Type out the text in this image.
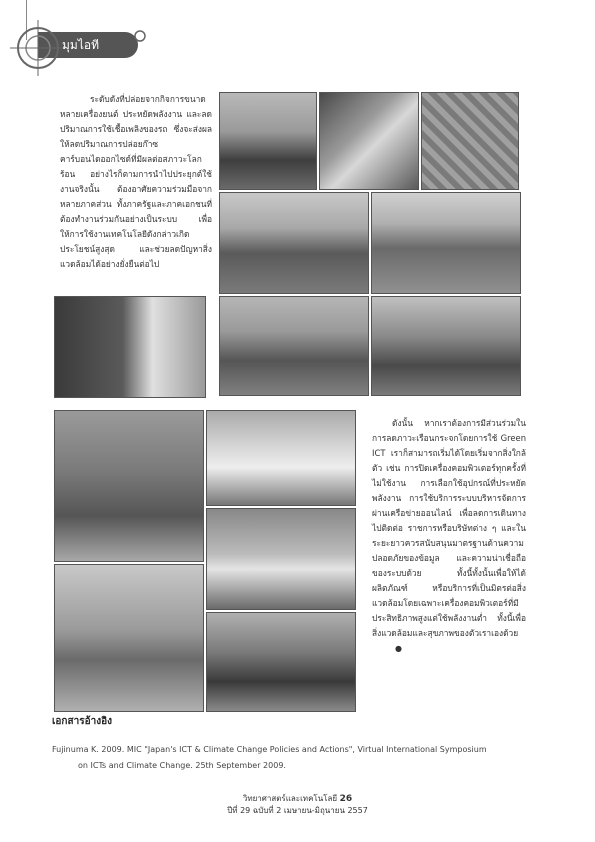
มุมไอที
ระดับดังที่ปล่อยจากกิจการขนาดหลายเครื่องยนต์ ประหยัดพลังงาน และลดปริมาณการใช้เชื้อเพลิงของรถ ซึ่งจะส่งผลให้ลดปริมาณการปล่อยก๊าซคาร์บอนไดออกไซด์ที่มีผลต่อสภาวะโลกร้อน อย่างไรก็ตามการนำไปประยุกต์ใช้งานจริงนั้น ต้องอาศัยความร่วมมือจากหลายภาคส่วน ทั้งภาครัฐและภาคเอกชนที่ต้องทำงานร่วมกันอย่างเป็นระบบ เพื่อให้การใช้งานเทคโนโลยีดังกล่าวเกิดประโยชน์สูงสุด และช่วยลดปัญหาสิ่งแวดล้อมได้อย่างยั่งยืนต่อไป
ดังนั้น หากเราต้องการมีส่วนร่วมในการลดภาวะเรือนกระจกโดยการใช้ Green ICT เราก็สามารถเริ่มได้โดยเริ่มจากสิ่งใกล้ตัว เช่น การปิดเครื่องคอมพิวเตอร์ทุกครั้งที่ไม่ใช้งาน การเลือกใช้อุปกรณ์ที่ประหยัดพลังงาน การใช้บริการระบบบริหารจัดการผ่านเครือข่ายออนไลน์ เพื่อลดการเดินทางไปติดต่อ ราชการหรือบริษัทต่าง ๆ และในระยะยาวควรสนับสนุนมาตรฐานด้านความปลอดภัยของข้อมูล และความน่าเชื่อถือของระบบด้วย ทั้งนี้ทั้งนั้นเพื่อให้ได้ผลิตภัณฑ์ หรือบริการที่เป็นมิตรต่อสิ่งแวดล้อมโดยเฉพาะเครื่องคอมพิวเตอร์ที่มีประสิทธิภาพสูงแต่ใช้พลังงานต่ำ ทั้งนี้เพื่อสิ่งแวดล้อมและสุขภาพของตัวเราเองด้วย●
เอกสารอ้างอิง
Fujinuma K. 2009. MIC "Japan's ICT & Climate Change Policies and Actions", Virtual International Symposium
on ICTs and Climate Change. 25th September 2009.
วิทยาศาสตร์และเทคโนโลยี 26
ปีที่ 29 ฉบับที่ 2 เมษายน-มิถุนายน 2557
